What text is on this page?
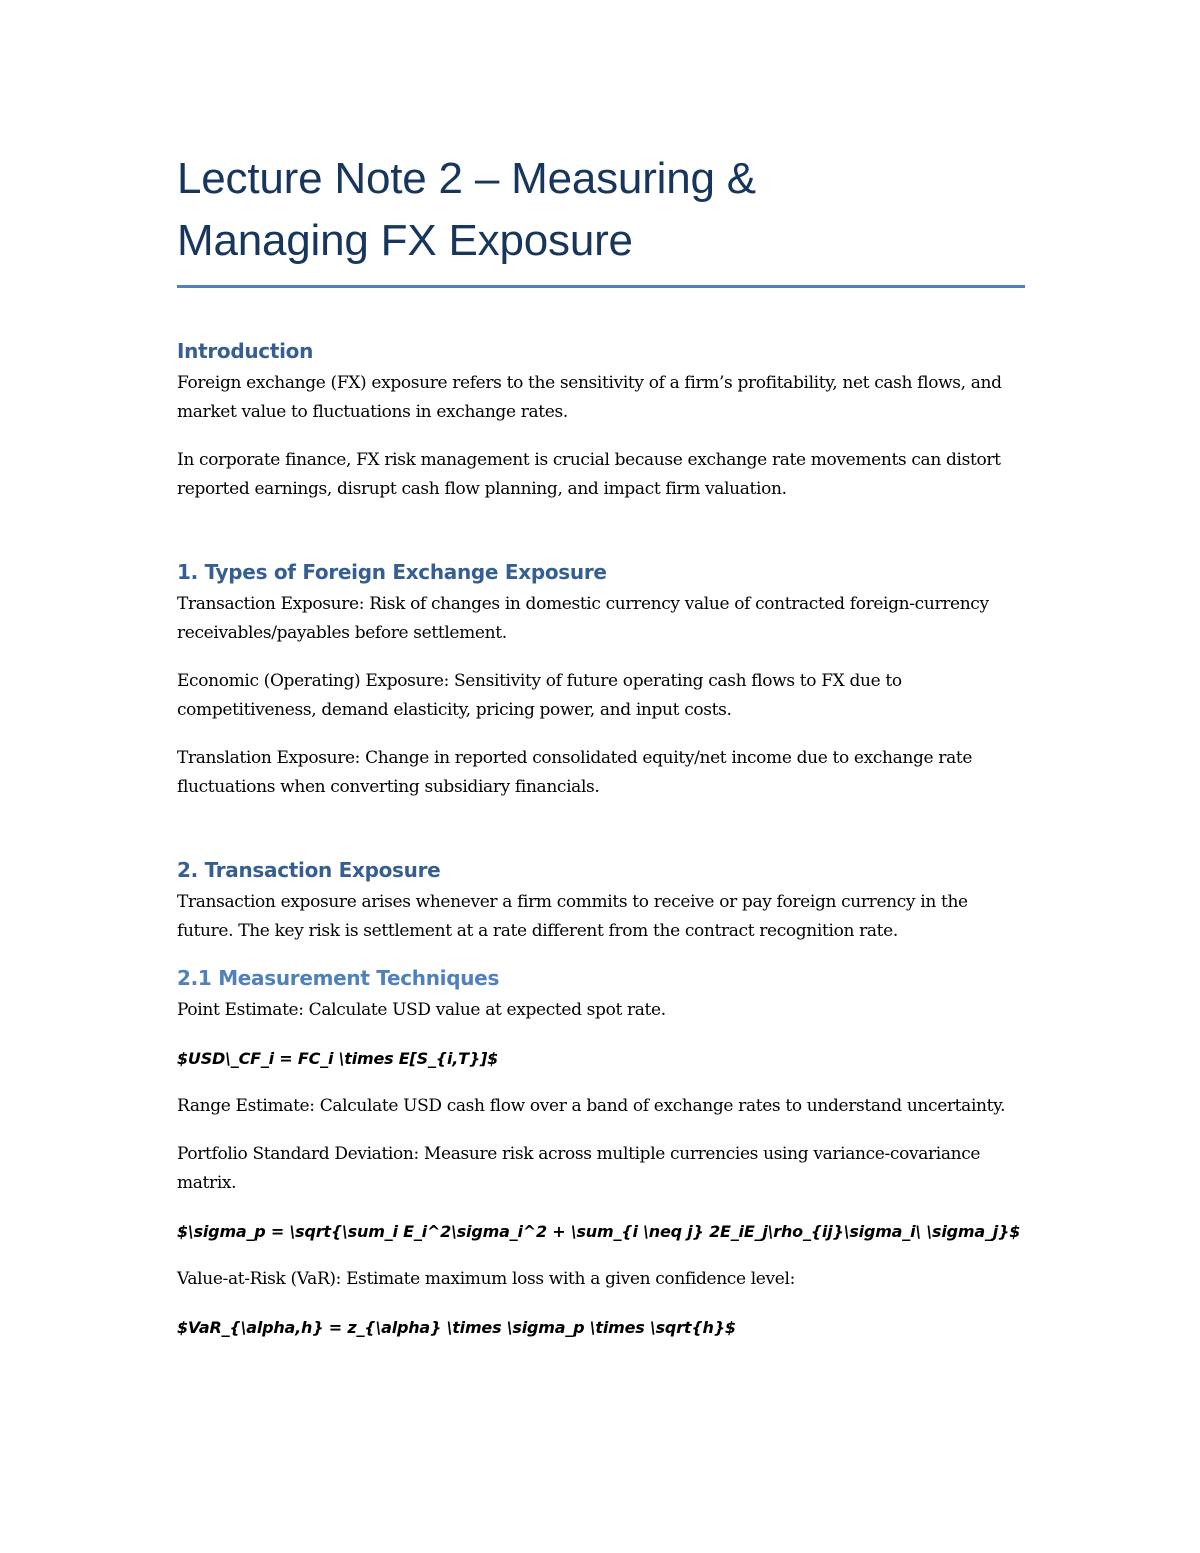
Lecture Note 2 – Measuring &
Managing FX Exposure
Introduction

Foreign exchange (FX) exposure refers to the sensitivity of a firm’s profitability, net cash flows, and market value to fluctuations in exchange rates.

In corporate finance, FX risk management is crucial because exchange rate movements can distort reported earnings, disrupt cash flow planning, and impact firm valuation.

1. Types of Foreign Exchange Exposure

Transaction Exposure: Risk of changes in domestic currency value of contracted foreign-currency receivables/payables before settlement.

Economic (Operating) Exposure: Sensitivity of future operating cash flows to FX due to competitiveness, demand elasticity, pricing power, and input costs.

Translation Exposure: Change in reported consolidated equity/net income due to exchange rate fluctuations when converting subsidiary financials.

2. Transaction Exposure

Transaction exposure arises whenever a firm commits to receive or pay foreign currency in the future. The key risk is settlement at a rate different from the contract recognition rate.

2.1 Measurement Techniques

Point Estimate: Calculate USD value at expected spot rate.

$USD\_CF_i = FC_i \times E[S_{i,T}]$

Range Estimate: Calculate USD cash flow over a band of exchange rates to understand uncertainty.

Portfolio Standard Deviation: Measure risk across multiple currencies using variance-covariance matrix.

$\sigma_p = \sqrt{\sum_i E_i^2\sigma_i^2 + \sum_{i \neq j} 2E_iE_j\rho_{ij}\sigma_i\ \sigma_j}$

Value-at-Risk (VaR): Estimate maximum loss with a given confidence level:

$VaR_{\alpha,h} = z_{\alpha} \times \sigma_p \times \sqrt{h}$
